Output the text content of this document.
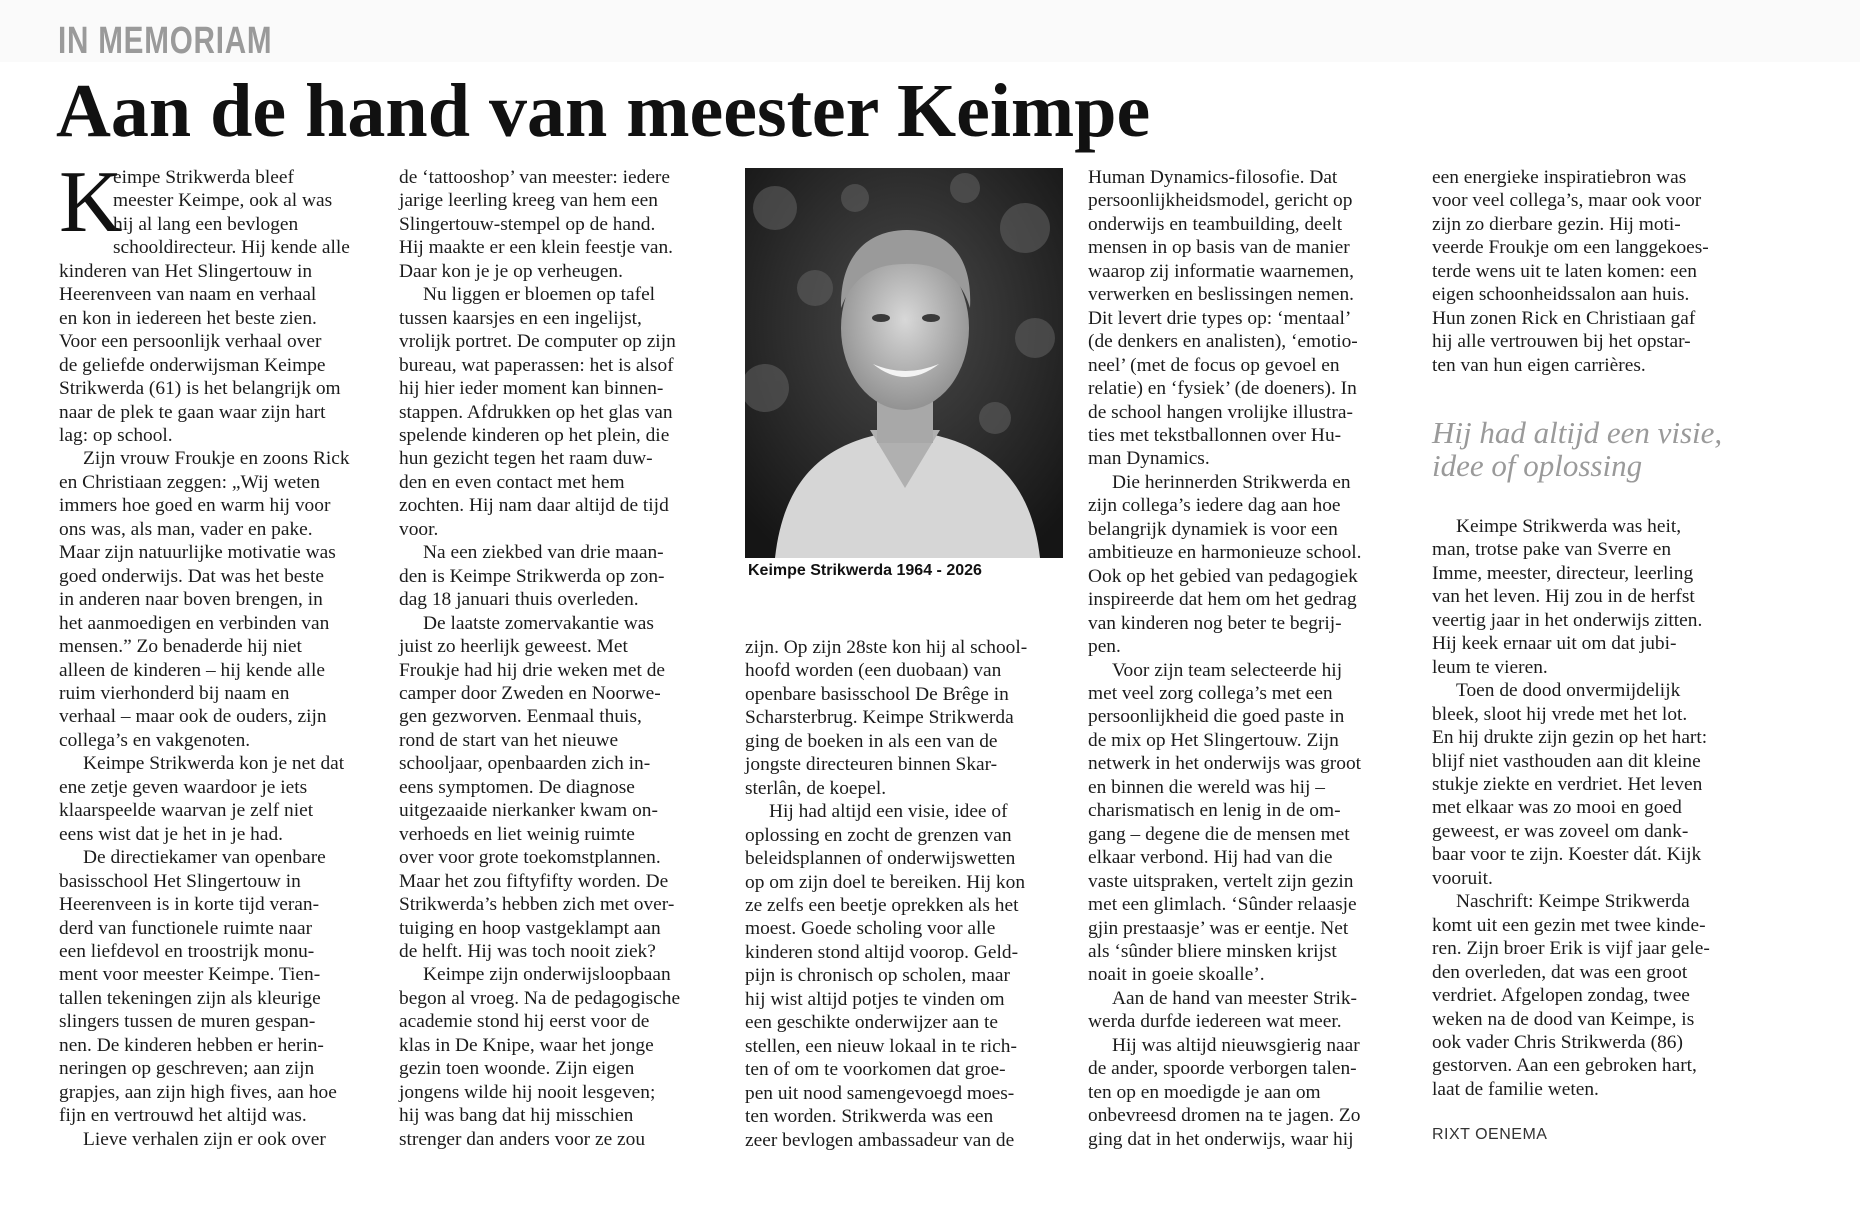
IN MEMORIAM
Aan de hand van meester Keimpe
K
eimpe Strikwerda bleef
meester Keimpe, ook al was
hij al lang een bevlogen
schooldirecteur. Hij kende alle
kinderen van Het Slingertouw in
Heerenveen van naam en verhaal
en kon in iedereen het beste zien.
Voor een persoonlijk verhaal over
de geliefde onderwijsman Keimpe
Strikwerda (61) is het belangrijk om
naar de plek te gaan waar zijn hart
lag: op school.
Zijn vrouw Froukje en zoons Rick
en Christiaan zeggen: „Wij weten
immers hoe goed en warm hij voor
ons was, als man, vader en pake.
Maar zijn natuurlijke motivatie was
goed onderwijs. Dat was het beste
in anderen naar boven brengen, in
het aanmoedigen en verbinden van
mensen.” Zo benaderde hij niet
alleen de kinderen – hij kende alle
ruim vierhonderd bij naam en
verhaal – maar ook de ouders, zijn
collega’s en vakgenoten.
Keimpe Strikwerda kon je net dat
ene zetje geven waardoor je iets
klaarspeelde waarvan je zelf niet
eens wist dat je het in je had.
De directiekamer van openbare
basisschool Het Slingertouw in
Heerenveen is in korte tijd veran-
derd van functionele ruimte naar
een liefdevol en troostrijk monu-
ment voor meester Keimpe. Tien-
tallen tekeningen zijn als kleurige
slingers tussen de muren gespan-
nen. De kinderen hebben er herin-
neringen op geschreven; aan zijn
grapjes, aan zijn high fives, aan hoe
fijn en vertrouwd het altijd was.
Lieve verhalen zijn er ook over
de ‘tattooshop’ van meester: iedere
jarige leerling kreeg van hem een
Slingertouw-stempel op de hand.
Hij maakte er een klein feestje van.
Daar kon je je op verheugen.
Nu liggen er bloemen op tafel
tussen kaarsjes en een ingelijst,
vrolijk portret. De computer op zijn
bureau, wat paperassen: het is alsof
hij hier ieder moment kan binnen-
stappen. Afdrukken op het glas van
spelende kinderen op het plein, die
hun gezicht tegen het raam duw-
den en even contact met hem
zochten. Hij nam daar altijd de tijd
voor.
Na een ziekbed van drie maan-
den is Keimpe Strikwerda op zon-
dag 18 januari thuis overleden.
De laatste zomervakantie was
juist zo heerlijk geweest. Met
Froukje had hij drie weken met de
camper door Zweden en Noorwe-
gen gezworven. Eenmaal thuis,
rond de start van het nieuwe
schooljaar, openbaarden zich in-
eens symptomen. De diagnose
uitgezaaide nierkanker kwam on-
verhoeds en liet weinig ruimte
over voor grote toekomstplannen.
Maar het zou fiftyfifty worden. De
Strikwerda’s hebben zich met over-
tuiging en hoop vastgeklampt aan
de helft. Hij was toch nooit ziek?
Keimpe zijn onderwijsloopbaan
begon al vroeg. Na de pedagogische
academie stond hij eerst voor de
klas in De Knipe, waar het jonge
gezin toen woonde. Zijn eigen
jongens wilde hij nooit lesgeven;
hij was bang dat hij misschien
strenger dan anders voor ze zou
Keimpe Strikwerda 1964 - 2026
zijn. Op zijn 28ste kon hij al school-
hoofd worden (een duobaan) van
openbare basisschool De Brêge in
Scharsterbrug. Keimpe Strikwerda
ging de boeken in als een van de
jongste directeuren binnen Skar-
sterlân, de koepel.
Hij had altijd een visie, idee of
oplossing en zocht de grenzen van
beleidsplannen of onderwijswetten
op om zijn doel te bereiken. Hij kon
ze zelfs een beetje oprekken als het
moest. Goede scholing voor alle
kinderen stond altijd voorop. Geld-
pijn is chronisch op scholen, maar
hij wist altijd potjes te vinden om
een geschikte onderwijzer aan te
stellen, een nieuw lokaal in te rich-
ten of om te voorkomen dat groe-
pen uit nood samengevoegd moes-
ten worden. Strikwerda was een
zeer bevlogen ambassadeur van de
Human Dynamics-filosofie. Dat
persoonlijkheidsmodel, gericht op
onderwijs en teambuilding, deelt
mensen in op basis van de manier
waarop zij informatie waarnemen,
verwerken en beslissingen nemen.
Dit levert drie types op: ‘mentaal’
(de denkers en analisten), ‘emotio-
neel’ (met de focus op gevoel en
relatie) en ‘fysiek’ (de doeners). In
de school hangen vrolijke illustra-
ties met tekstballonnen over Hu-
man Dynamics.
Die herinnerden Strikwerda en
zijn collega’s iedere dag aan hoe
belangrijk dynamiek is voor een
ambitieuze en harmonieuze school.
Ook op het gebied van pedagogiek
inspireerde dat hem om het gedrag
van kinderen nog beter te begrij-
pen.
Voor zijn team selecteerde hij
met veel zorg collega’s met een
persoonlijkheid die goed paste in
de mix op Het Slingertouw. Zijn
netwerk in het onderwijs was groot
en binnen die wereld was hij –
charismatisch en lenig in de om-
gang – degene die de mensen met
elkaar verbond. Hij had van die
vaste uitspraken, vertelt zijn gezin
met een glimlach. ‘Sûnder relaasje
gjin prestaasje’ was er eentje. Net
als ‘sûnder bliere minsken krijst
noait in goeie skoalle’.
Aan de hand van meester Strik-
werda durfde iedereen wat meer.
Hij was altijd nieuwsgierig naar
de ander, spoorde verborgen talen-
ten op en moedigde je aan om
onbevreesd dromen na te jagen. Zo
ging dat in het onderwijs, waar hij
een energieke inspiratiebron was
voor veel collega’s, maar ook voor
zijn zo dierbare gezin. Hij moti-
veerde Froukje om een langgekoes-
terde wens uit te laten komen: een
eigen schoonheidssalon aan huis.
Hun zonen Rick en Christiaan gaf
hij alle vertrouwen bij het opstar-
ten van hun eigen carrières.
Hij had altijd een visie,
idee of oplossing
Keimpe Strikwerda was heit,
man, trotse pake van Sverre en
Imme, meester, directeur, leerling
van het leven. Hij zou in de herfst
veertig jaar in het onderwijs zitten.
Hij keek ernaar uit om dat jubi-
leum te vieren.
Toen de dood onvermijdelijk
bleek, sloot hij vrede met het lot.
En hij drukte zijn gezin op het hart:
blijf niet vasthouden aan dit kleine
stukje ziekte en verdriet. Het leven
met elkaar was zo mooi en goed
geweest, er was zoveel om dank-
baar voor te zijn. Koester dát. Kijk
vooruit.
Naschrift: Keimpe Strikwerda
komt uit een gezin met twee kinde-
ren. Zijn broer Erik is vijf jaar gele-
den overleden, dat was een groot
verdriet. Afgelopen zondag, twee
weken na de dood van Keimpe, is
ook vader Chris Strikwerda (86)
gestorven. Aan een gebroken hart,
laat de familie weten.
RIXT OENEMA
